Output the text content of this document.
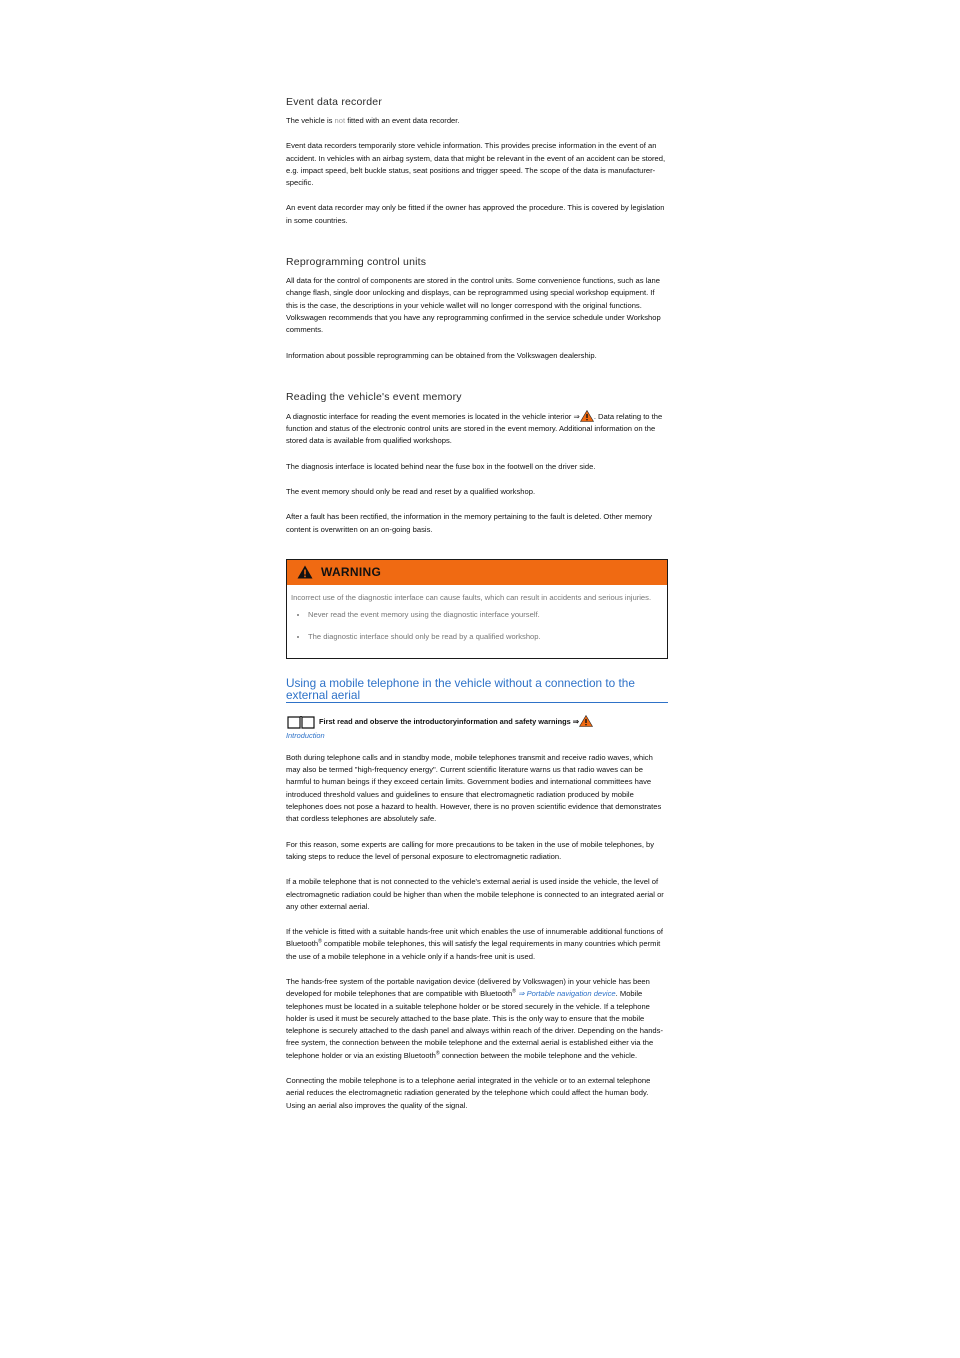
Event data recorder

The vehicle is not fitted with an event data recorder.

Event data recorders temporarily store vehicle information. This provides precise information in the event of an accident. In vehicles with an airbag system, data that might be relevant in the event of an accident can be stored, e.g. impact speed, belt buckle status, seat positions and trigger speed. The scope of the data is manufacturer-specific.

An event data recorder may only be fitted if the owner has approved the procedure. This is covered by legislation in some countries.

Reprogramming control units

All data for the control of components are stored in the control units. Some convenience functions, such as lane change flash, single door unlocking and displays, can be reprogrammed using special workshop equipment. If this is the case, the descriptions in your vehicle wallet will no longer correspond with the original functions. Volkswagen recommends that you have any reprogramming confirmed in the service schedule under Workshop comments.

Information about possible reprogramming can be obtained from the Volkswagen dealership.

Reading the vehicle's event memory

A diagnostic interface for reading the event memories is located in the vehicle interior ⇒ . Data relating to the function and status of the electronic control units are stored in the event memory. Additional information on the stored data is available from qualified workshops.

The diagnosis interface is located behind near the fuse box in the footwell on the driver side.

The event memory should only be read and reset by a qualified workshop.

After a fault has been rectified, the information in the memory pertaining to the fault is deleted. Other memory content is overwritten on an on-going basis.

WARNING

Incorrect use of the diagnostic interface can cause faults, which can result in accidents and serious injuries.

• Never read the event memory using the diagnostic interface yourself.
• The diagnostic interface should only be read by a qualified workshop.
Using a mobile telephone in the vehicle without a connection to the external aerial
First read and observe the introductoryinformation and safety warnings ⇒
Introduction

Both during telephone calls and in standby mode, mobile telephones transmit and receive radio waves, which may also be termed "high-frequency energy". Current scientific literature warns us that radio waves can be harmful to human beings if they exceed certain limits. Government bodies and international committees have introduced threshold values and guidelines to ensure that electromagnetic radiation produced by mobile telephones does not pose a hazard to health. However, there is no proven scientific evidence that demonstrates that cordless telephones are absolutely safe.

For this reason, some experts are calling for more precautions to be taken in the use of mobile telephones, by taking steps to reduce the level of personal exposure to electromagnetic radiation.

If a mobile telephone that is not connected to the vehicle's external aerial is used inside the vehicle, the level of electromagnetic radiation could be higher than when the mobile telephone is connected to an integrated aerial or any other external aerial.

If the vehicle is fitted with a suitable hands-free unit which enables the use of innumerable additional functions of Bluetooth® compatible mobile telephones, this will satisfy the legal requirements in many countries which permit the use of a mobile telephone in a vehicle only if a hands-free unit is used.

The hands-free system of the portable navigation device (delivered by Volkswagen) in your vehicle has been developed for mobile telephones that are compatible with Bluetooth® ⇒ Portable navigation device. Mobile telephones must be located in a suitable telephone holder or be stored securely in the vehicle. If a telephone holder is used it must be securely attached to the base plate. This is the only way to ensure that the mobile telephone is securely attached to the dash panel and always within reach of the driver. Depending on the hands-free system, the connection between the mobile telephone and the external aerial is established either via the telephone holder or via an existing Bluetooth® connection between the mobile telephone and the vehicle.

Connecting the mobile telephone is to a telephone aerial integrated in the vehicle or to an external telephone aerial reduces the electromagnetic radiation generated by the telephone which could affect the human body. Using an aerial also improves the quality of the signal.
